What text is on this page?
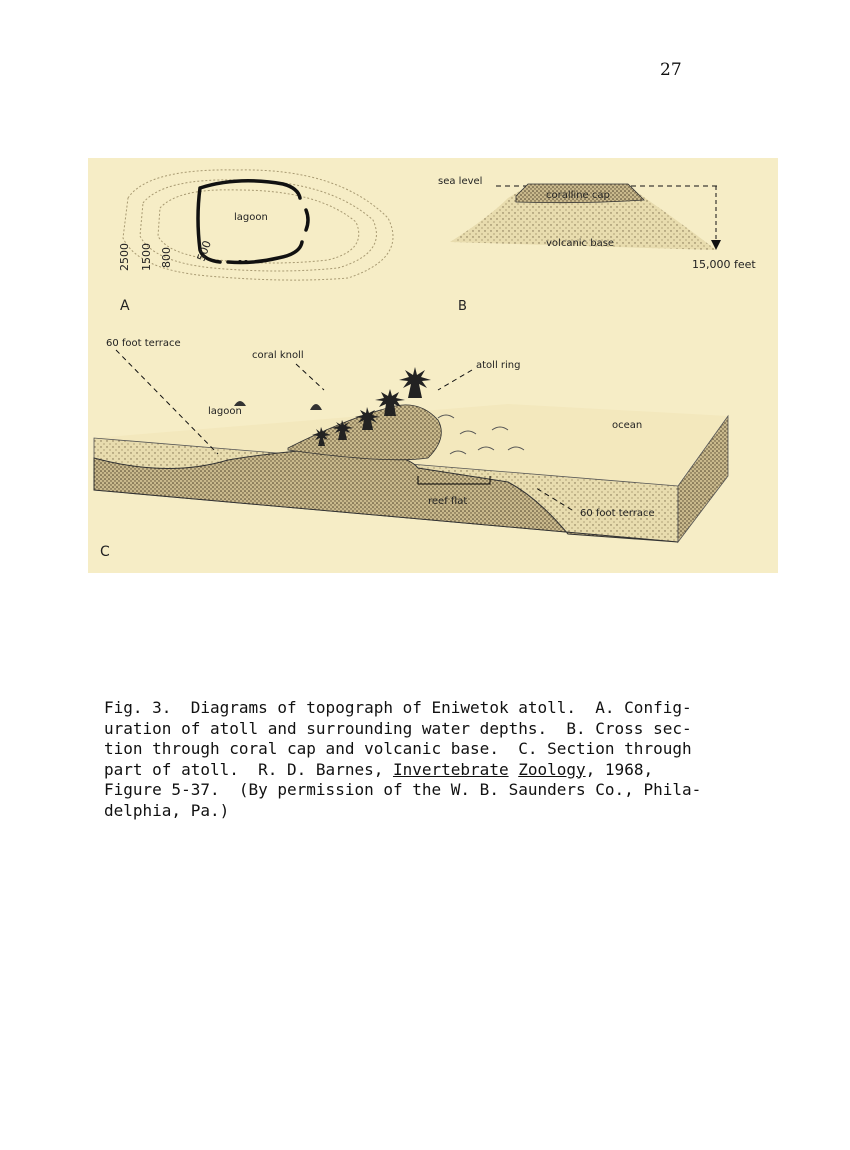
27
lagoon
2500 1500 800 500
A
sea level
coralline cap
volcanic base
15,000 feet
B
reef flat
60 foot terrace
coral knoll
atoll ring
lagoon
ocean
60 foot terrace
C
Fig. 3.  Diagrams of topograph of Eniwetok atoll.  A. Config-
uration of atoll and surrounding water depths.  B. Cross sec-
tion through coral cap and volcanic base.  C. Section through
part of atoll.  R. D. Barnes, Invertebrate Zoology, 1968,
Figure 5-37.  (By permission of the W. B. Saunders Co., Phila-
delphia, Pa.)
